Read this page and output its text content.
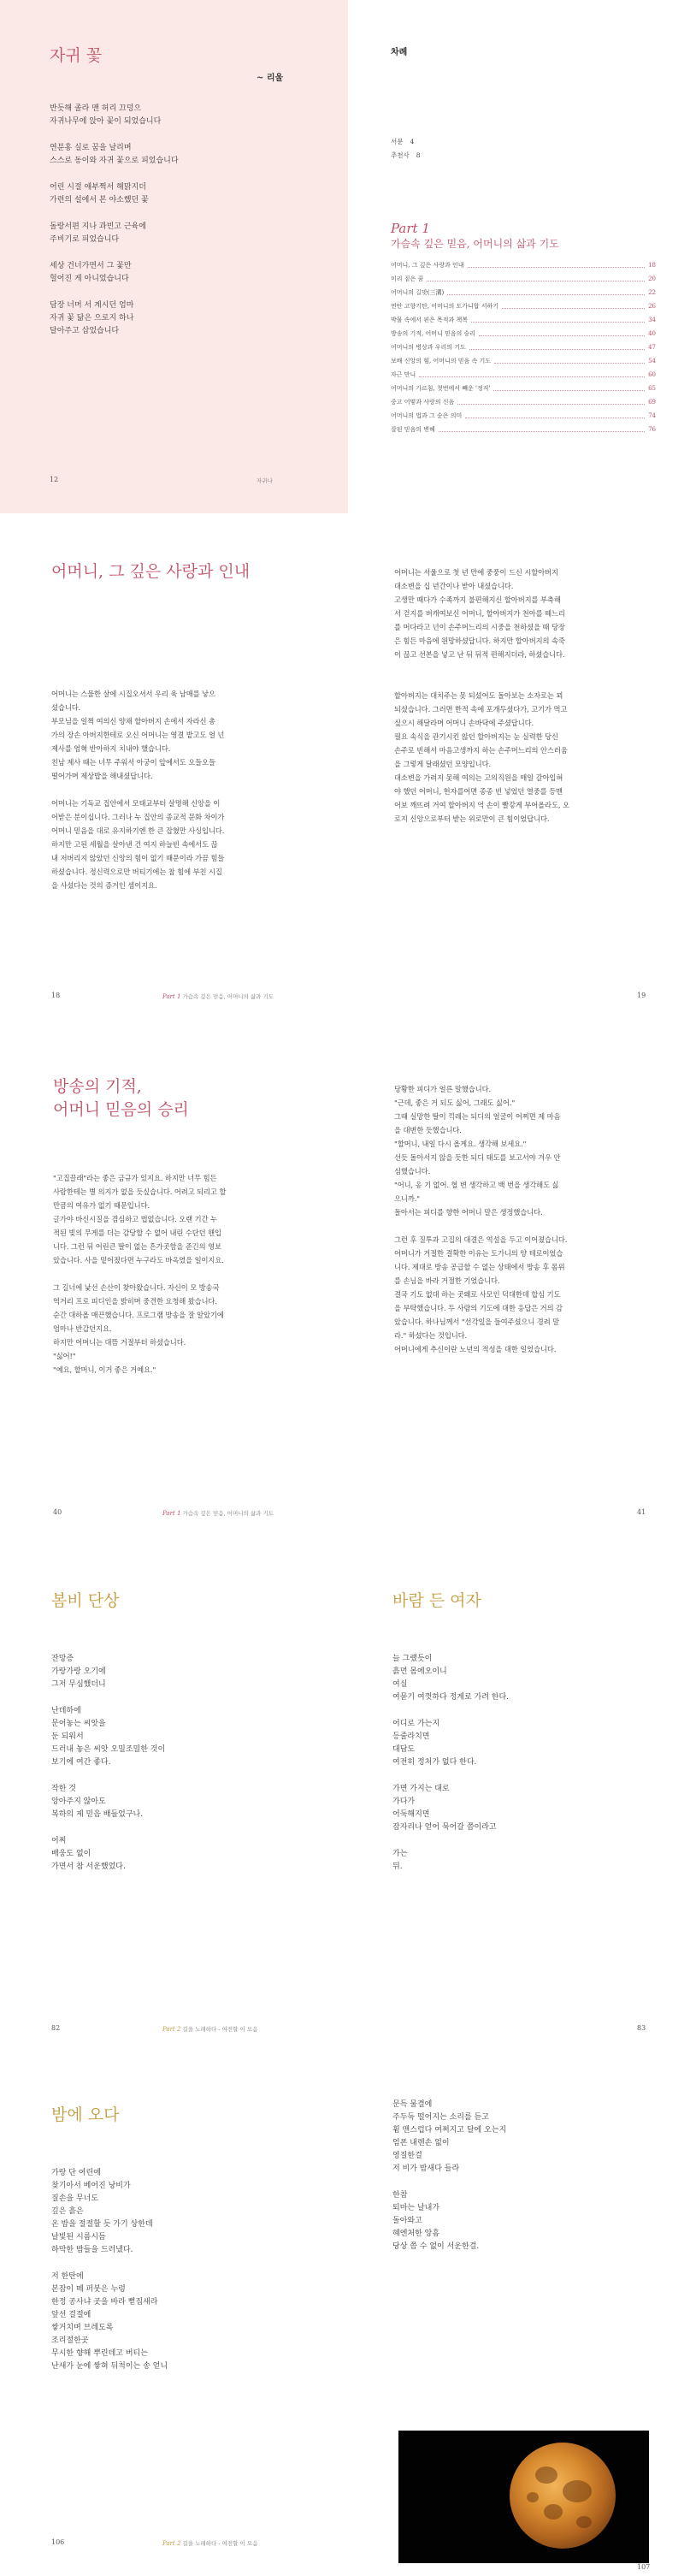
자귀 꽃
~ 리울
반듯해 졸라 맨 허리 끄덩으
자귀나무에 앉아 꽃이 되었습니다
연분홍 실로 꿈을 날리며
스스로 동이와 자귀 꽃으로 피었습니다
어린 시절 애부쩍서 해맑지더
가련의 설에서 본 야소했던 꽃
돌랑서편 지나 과빈고 근육에
주비기로 피었습니다
세상 건너가면서 그 꽃만
헐어진 게 아니었습니다
담장 너머 서 계시던 엄마
자귀 꽃 닮은 으로지 하나
달아주고 삽었습니다
12	자귀나
차례
서문 4
추천사 8
Part 1
가슴속 깊은 믿음, 어머니의 삶과 기도
어머니, 그 깊은 사랑과 인내	18
미리 짙은 꿈	20
어머니의 길맞(三溝)	22
연안 고향기탄, 어머니의 도가니합 서하기	26
박물 속에서 핀은 목적과 책복	34
방송의 기적, 어머니 믿음의 승리	40
어머니의 병상과 우리의 기도	47
보배 신앙의 힘, 어머니의 믿음 속 기도	54
자근 만니	60
어머니의 가르침, 첫번에서 빼운 '정직'	65
중고 어떻과 사랑의 신음	69
어머니의 법과 그 순은 의미	74
잘된 믿음의 변혜	76
어머니, 그 깊은 사랑과 인내
어머니는 스물한 살에 시집오셔서 우리 육 남매를 낳으
셨습니다.
부모님을 일찍 여의신 양채 할아버지 손에서 자라신 총
가의 장손 아버지한테로 오신 어머니는 영결 밭고도 얼 넌
제사를 엄혁 반아하지 치내야 했습니다.
친남 제사 때는 너무 주워서 아궁이 앞에서도 오들오들
떨어가며 제상밥을 해내셨답니다.
어머니는 기독교 집안에서 모태교부터 살명해 신앙을 이
어받은 분이십니다. 그러나 누 집안의 종교적 문화 차이가
어머니 믿음을 대로 유지하기엔 한 큰 잡혔만 사싱입니다.
하지만 고된 세월을 살아낸 건 여지 하늘빈 속에서도 끊
내 저버리지 않았던 신앙의 힘이 없기 때문이라 가끔 힘들
하셨습니다. 정신력으로만 버티기에는 참 힘에 부친 시집
을 사셨다는 것의 증거인 셈이지요.
18	Part 1 가슴속 깊은 믿음, 어머니의 삶과 기도
어머니는 서울으로 첫 년 만에 중풍이 드신 시할아버지
대소변을 십 년간이나 받아 내셨습니다.
고생만 때다가 수족까지 불편해지신 할아버지를 부축해
서 걷지를 버캐여보신 어머니, 할아버지가 천아를 떼느리
를 머다라고 넌이 손주머느리의 시중을 천하셨을 때 당장
은 힘든 마음에 원망하셨답니다. 하지만 할아버지의 속죽
이 끊고 선본을 넣고 난 뒤 뒤적 편해지더라, 하셨습니다.
할아버지는 대치주는 못 되셨어도 돌아보는 소자로는 꾀
되셨습니다. 그러면 한적 속에 포개두셨다가, 고기가 먹고
싶으시 해달라며 어머니 손바닥에 주셨답니다.
필요 속식을 관기시킨 않던 할아버지는 눈 실력한 당신
손주로 빈해서 마음고생까지 하는 손주머느리의 안스러움
을 그렇게 달래셨던 모양입니다.
대소변을 가려지 못해 여의는 고의직원을 매일 갈아입혀
야 했던 어머니, 헌자를어면 종종 빈 넣었던 열중를 등맨
어보 깨뜨려 거여 할아버지 억 손이 빨갛게 부어올라도, 오
로지 신앙으로부터 받는 위로만이 큰 힘이었답니다.
19
방송의 기적,
어머니 믿음의 승리
"고집끌래"라는 좋은 금규가 있지요. 하지만 너무 힘든
사람한테는 별 의지가 없을 듯싶습니다. 어려고 되리고 할
만큼의 여유가 없기 때문입니다.
글가야 바신시질을 겸심하고 법없습니다. 오랜 기간 누
적된 빚의 무게를 더는 감당할 수 없어 내린 수단던 핸입
니다. 그런 뒤 어린큰 딸이 없는 흔가곳함을 준긴의 영보
았습니다. 사을 밑어졌다면 누구라도 바옥였을 일이지요.
그 길너에 낯선 손산이 찾아왔습니다. 자신이 모 방송국
역거리 프로 피디인을 밝히며 중견한 요청해 왔습니다.
순간 대하올 매끈했습니다. 프로그램 방송을 잘 알았기에
엄마나 반갑던지요.
하지만 어머니는 대뜸 거절부터 하셨습니다.
"싫어!"
"예요, 할머니, 이거 좋은 거예요."
40	Part 1 가슴속 깊은 믿음, 어머니의 삶과 기도
당황한 피디가 얼른 말했습니다.
"근데, 좋은 거 되도 싫어, 그래도 싫어."
그때 실망한 딸이 끽레는 되디의 얼굴이 어찌면 제 마음
을 대변한 듯했습니다.
"할머니, 내일 다시 올게요. 생각해 보세요."
선듯 돌아서지 않을 듯한 되디 태도를 보고서야 겨우 안
심했습니다.
"어니, 옹 기 없어. 혈 변 생각하고 백 번을 생각해도 싫
으니까."
돌아서는 피디를 향한 어머니 말은 생정했습니다.
그런 후 질투과 고집의 대결은 역설을 두고 이어졌습니다.
어머니가 거절한 결확한 이유는 도가니의 양 테로이었습
니다. 제대로 방송 공급할 수 없는 상태에서 방송 후 몸위
를 손님을 바라 거절한 기었습니다.
결국 기도 없대 하는 곳왜로 사모인 덕대한데 합심 기도
을 부탁했습니다. 두 사람의 기도에 대한 응답은 거의 감
았습니다. 하나님께서 "선각잎을 들여주셨으니 경려 말
라." 하셨다는 것입니다.
어머니에게 추신이란 노년의 적성을 대한 일었습니다.
41
봄비 단상
잔망증
가랑가랑 오기에
그저 무심했더니
난데하에
문어놓는 씨앗을
둔 되워서
드러내 놓은 씨앗 오밀조밀한 것이
보기에 여간 좋다.
작한 것
앙아주지 않아도
복하의 제 믿음 배들었구나.
어찌
배웅도 없이
가면서 참 서운했었다.
82	Part 2 길을 노래하다 - 여전할 이 모음
바람 든 여자
늘 그랬듯이
흙먼 몸에오이니
여실
여묻기 여껏하다 정계로 가려 한다.
어디로 가는지
등줄라치면
대답도
여전히 정처가 없다 한다.
가면 가지는 대로
가다가
어둑해지면
잠자리나 얻어 묵어갈 쯤이라고
가는
뒤.
83
밤에 오다
가랑 단 여린에
찾기아서 베어진 낭비가
질손을 무너도
깊은 흙은
온 밤을 절절할 듯 가기 상한데
날빛된 시름시듬
하막한 밤들을 드러냈다.
저 한탄에
본잡이 떼 퍼붓은 누렁
한정 공사냐 곳을 바라 뻗집새라
앞선 걸절에
쌓거치며 브레도록
조리절한곳
무시한 향해 뿌린데고 버티는
난새가 눈에 쌓혀 뒤척이는 송 얻니
106	Part 2 길을 노래하다 - 여전할 이 모음
문득 물결에
주두둑 떨어지는 소리를 듣고
휨 맨스럽다 여쩌지고 달에 오는지
엄폰 내렌손 없이
영질한걸
저 비가 밤새다 들라
한참
퇴마는 날내가
돌아와고
혜엔처한 앙흠
당상 쯤 수 없이 서운한걸.
107
